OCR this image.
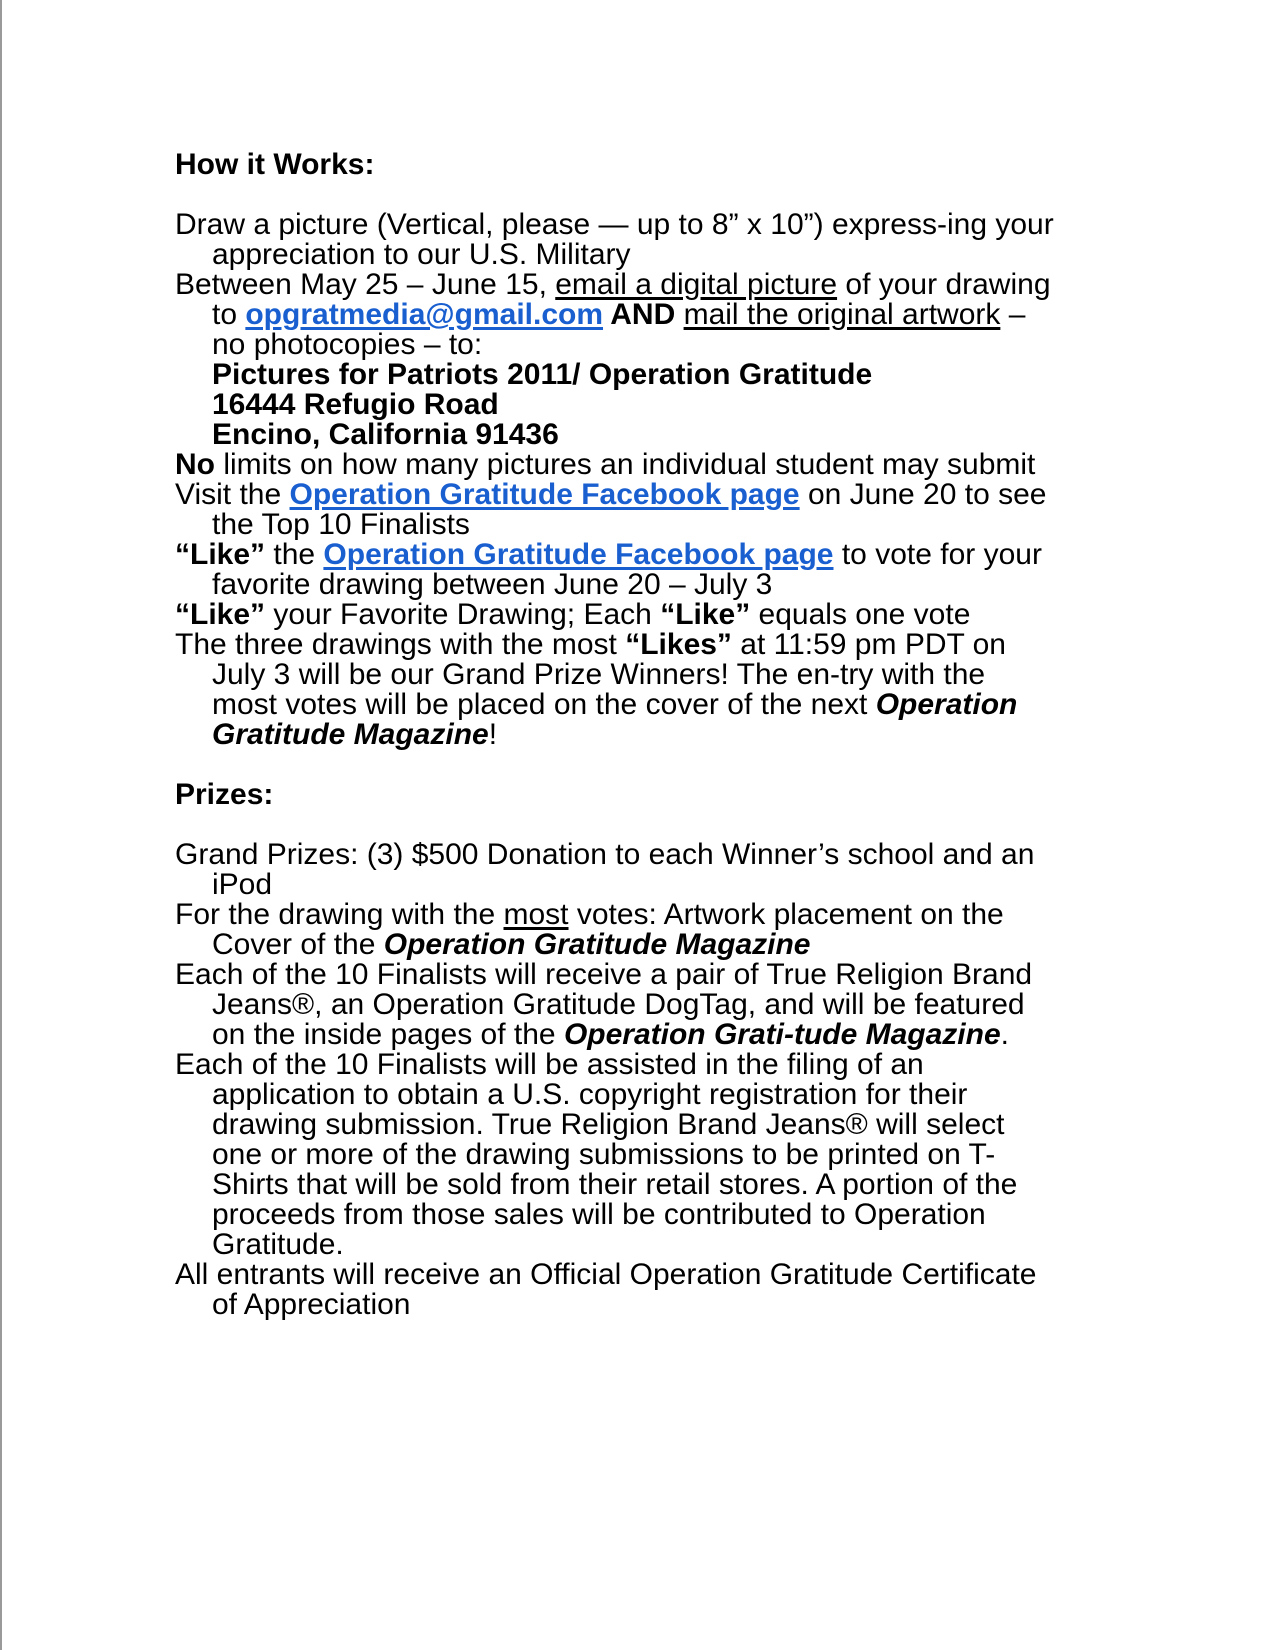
How it Works:

Draw a picture (Vertical, please — up to 8” x 10”) express-ing your appreciation to our U.S. Military

Between May 25 – June 15, email a digital picture of your drawing to opgratmedia@gmail.com AND mail the original artwork – no photocopies – to:

Pictures for Patriots 2011/ Operation Gratitude

16444 Refugio Road

Encino, California 91436

No limits on how many pictures an individual student may submit

Visit the Operation Gratitude Facebook page on June 20 to see the Top 10 Finalists

“Like” the Operation Gratitude Facebook page to vote for your favorite drawing between June 20 – July 3

“Like” your Favorite Drawing; Each “Like” equals one vote

The three drawings with the most “Likes” at 11:59 pm PDT on July 3 will be our Grand Prize Winners! The en-try with the most votes will be placed on the cover of the next Operation Gratitude Magazine!

Prizes:

Grand Prizes: (3) $500 Donation to each Winner’s school and an iPod

For the drawing with the most votes: Artwork placement on the Cover of the Operation Gratitude Magazine

Each of the 10 Finalists will receive a pair of True Religion Brand Jeans®, an Operation Gratitude DogTag, and will be featured on the inside pages of the Operation Grati-tude Magazine.

Each of the 10 Finalists will be assisted in the filing of an application to obtain a U.S. copyright registration for their drawing submission. True Religion Brand Jeans® will select one or more of the drawing submissions to be printed on T-Shirts that will be sold from their retail stores. A portion of the proceeds from those sales will be contributed to Operation Gratitude.

All entrants will receive an Official Operation Gratitude Certificate of Appreciation
